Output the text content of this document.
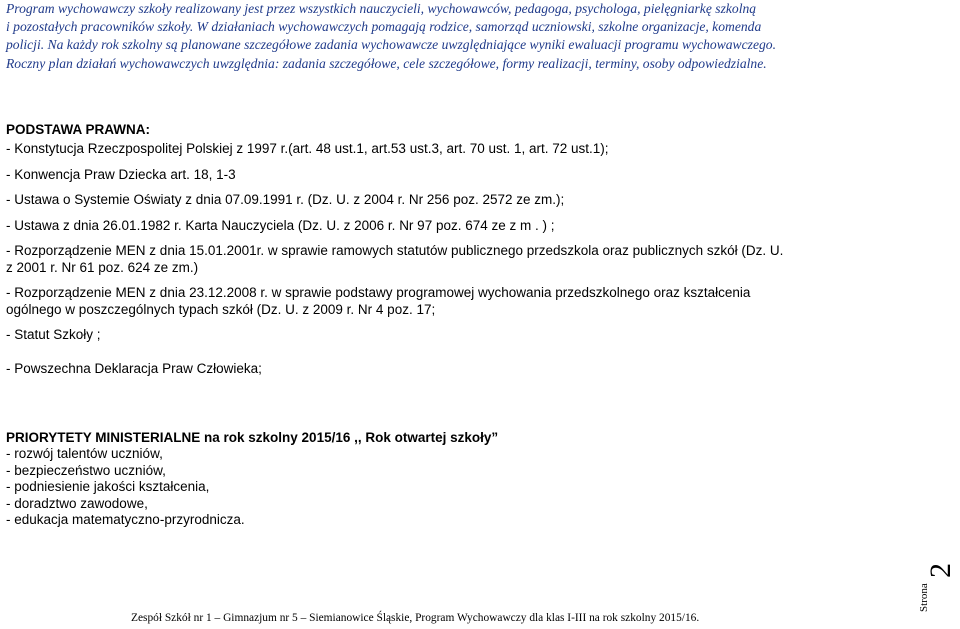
Program wychowawczy szkoły realizowany jest przez wszystkich nauczycieli, wychowawców, pedagoga, psychologa, pielęgniarkę szkolną
i pozostałych pracowników szkoły. W działaniach wychowawczych pomagają rodzice, samorząd uczniowski, szkolne organizacje, komenda
policji. Na każdy rok szkolny są planowane szczegółowe zadania wychowawcze uwzględniające wyniki ewaluacji programu wychowawczego.
Roczny plan działań wychowawczych uwzględnia: zadania szczegółowe, cele szczegółowe, formy realizacji, terminy, osoby odpowiedzialne.
PODSTAWA PRAWNA:
- Konstytucja Rzeczpospolitej Polskiej z 1997 r.(art. 48 ust.1, art.53 ust.3, art. 70 ust. 1, art. 72 ust.1);
- Konwencja Praw Dziecka art. 18, 1-3
- Ustawa o Systemie Oświaty z dnia 07.09.1991 r. (Dz. U. z 2004 r. Nr 256 poz. 2572 ze zm.);
- Ustawa z dnia 26.01.1982 r. Karta Nauczyciela (Dz. U. z 2006 r. Nr 97 poz. 674 ze z m . ) ;
- Rozporządzenie MEN z dnia 15.01.2001r. w sprawie ramowych statutów publicznego przedszkola oraz publicznych szkół (Dz. U.
z 2001 r. Nr 61 poz. 624 ze zm.)
- Rozporządzenie MEN z dnia 23.12.2008 r. w sprawie podstawy programowej wychowania przedszkolnego oraz kształcenia
ogólnego w poszczególnych typach szkół (Dz. U. z 2009 r. Nr 4 poz. 17;
- Statut Szkoły ;
- Powszechna Deklaracja Praw Człowieka;
PRIORYTETY MINISTERIALNE na rok szkolny 2015/16 ,, Rok otwartej szkoły”
- rozwój talentów uczniów,
- bezpieczeństwo uczniów,
- podniesienie jakości kształcenia,
- doradztwo zawodowe,
- edukacja matematyczno-przyrodnicza.

Zespół Szkół nr 1 – Gimnazjum nr 5 – Siemianowice Śląskie, Program Wychowawczy dla klas I-III na rok szkolny 2015/16.

Strona
2
